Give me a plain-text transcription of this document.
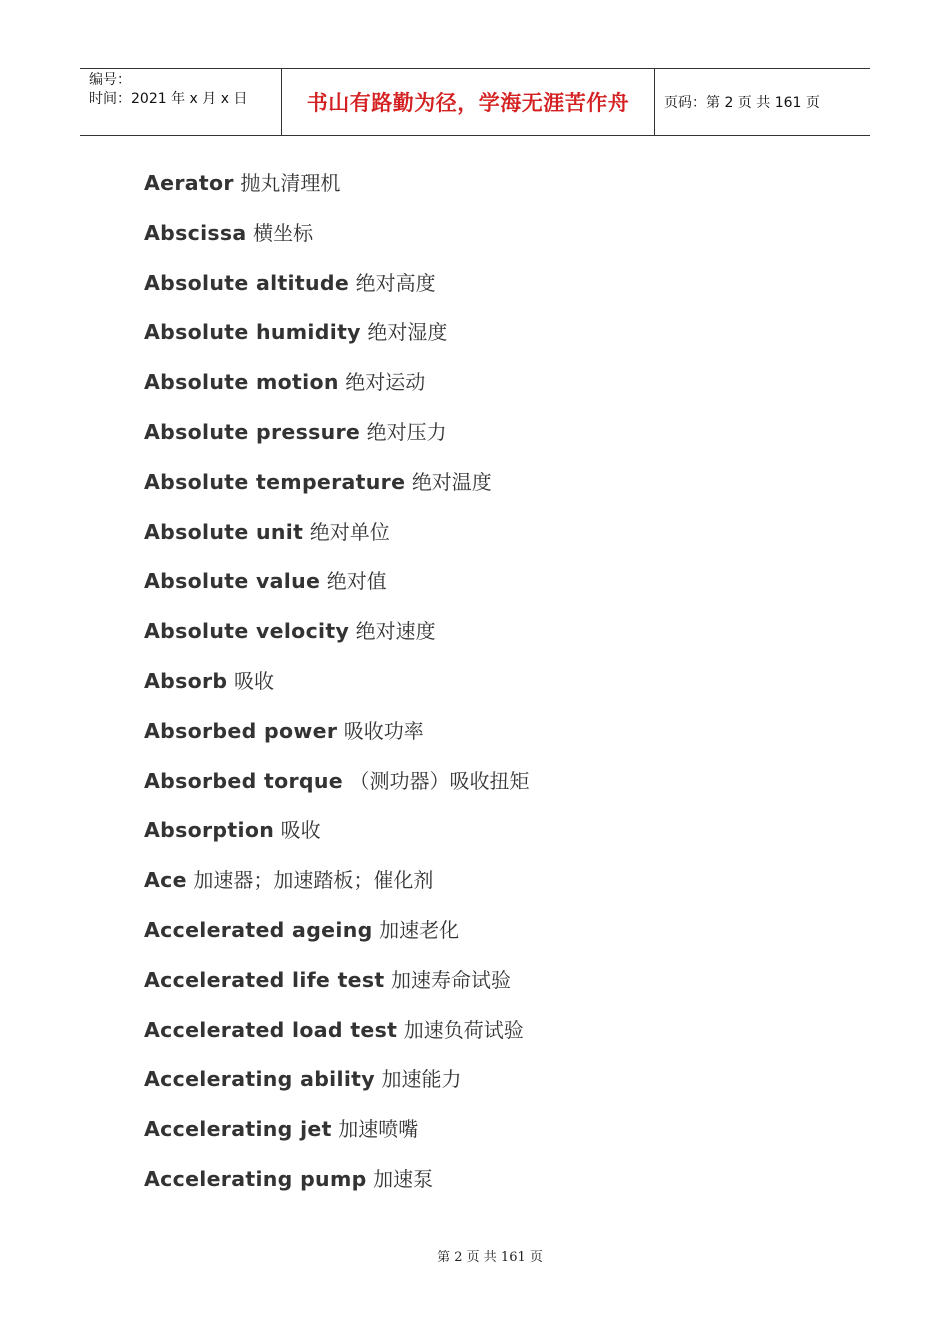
编号：
时间：2021 年 x 月 x 日	书山有路勤为径，学海无涯苦作舟	页码：第 2 页 共 161 页
Aerator 抛丸清理机
Abscissa 横坐标
Absolute altitude 绝对高度
Absolute humidity 绝对湿度
Absolute motion 绝对运动
Absolute pressure 绝对压力
Absolute temperature 绝对温度
Absolute unit 绝对单位
Absolute value 绝对值
Absolute velocity 绝对速度
Absorb 吸收
Absorbed power 吸收功率
Absorbed torque （测功器）吸收扭矩
Absorption 吸收
Ace 加速器；加速踏板；催化剂
Accelerated ageing 加速老化
Accelerated life test 加速寿命试验
Accelerated load test 加速负荷试验
Accelerating ability 加速能力
Accelerating jet 加速喷嘴
Accelerating pump 加速泵
第 2 页 共 161 页
